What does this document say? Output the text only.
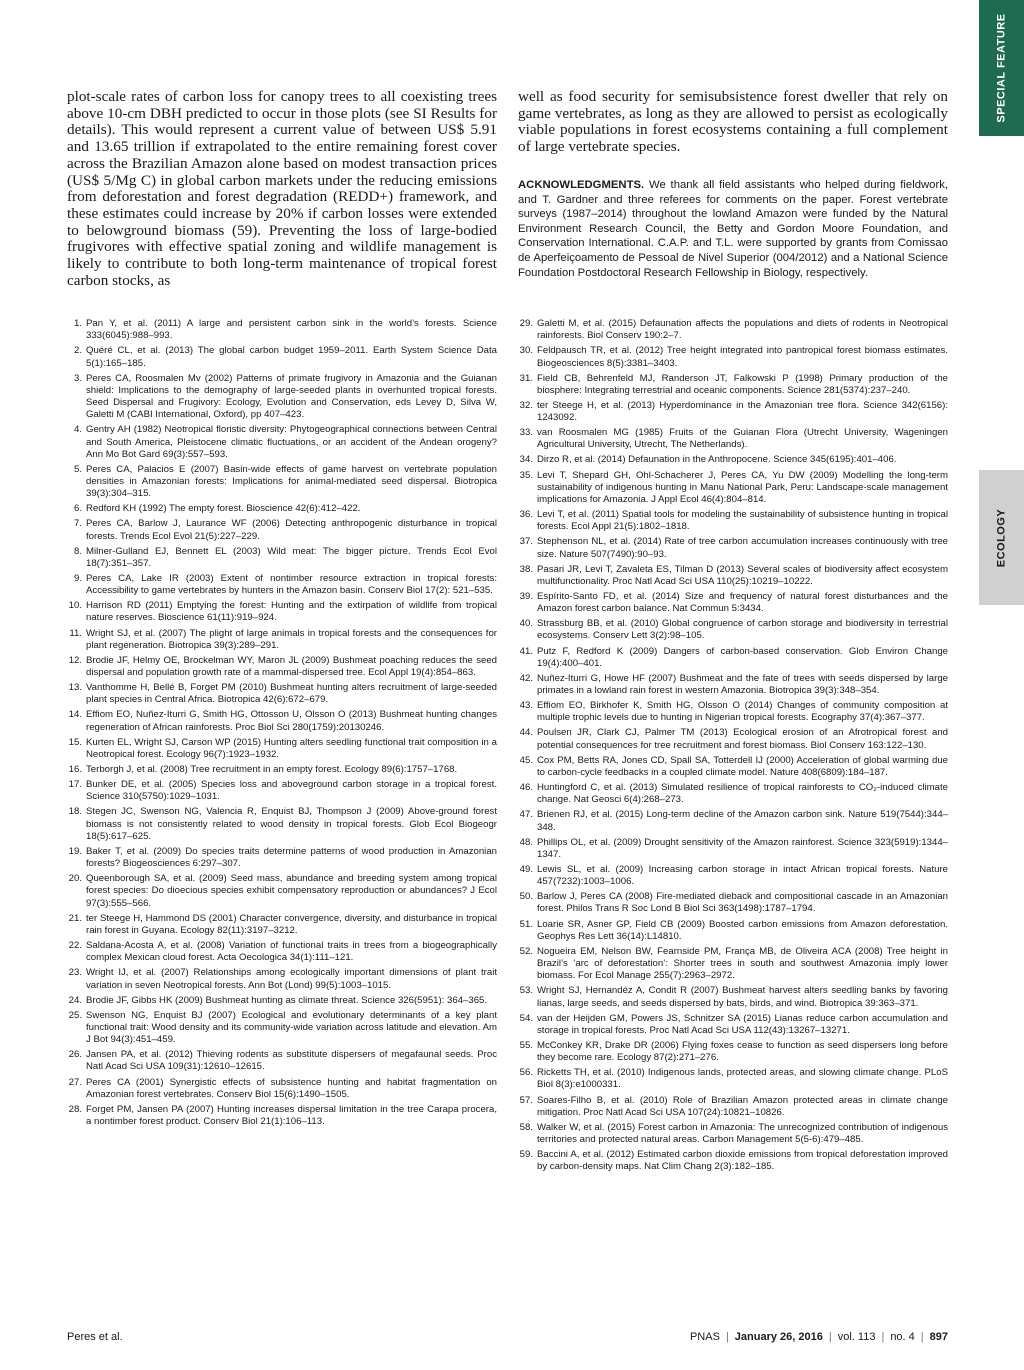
SPECIAL FEATURE
ECOLOGY

plot-scale rates of carbon loss for canopy trees to all coexisting trees above 10-cm DBH predicted to occur in those plots (see SI Results for details). This would represent a current value of between US$ 5.91 and 13.65 trillion if extrapolated to the entire remaining forest cover across the Brazilian Amazon alone based on modest transaction prices (US$ 5/Mg C) in global carbon markets under the reducing emissions from deforestation and forest degradation (REDD+) framework, and these estimates could increase by 20% if carbon losses were extended to belowground biomass (59). Preventing the loss of large-bodied frugivores with effective spatial zoning and wildlife management is likely to contribute to both long-term maintenance of tropical forest carbon stocks, as

well as food security for semisubsistence forest dweller that rely on game vertebrates, as long as they are allowed to persist as ecologically viable populations in forest ecosystems containing a full complement of large vertebrate species.

ACKNOWLEDGMENTS. We thank all field assistants who helped during fieldwork, and T. Gardner and three referees for comments on the paper. Forest vertebrate surveys (1987–2014) throughout the lowland Amazon were funded by the Natural Environment Research Council, the Betty and Gordon Moore Foundation, and Conservation International. C.A.P. and T.L. were supported by grants from Comissao de Aperfeiçoamento de Pessoal de Nivel Superior (004/2012) and a National Science Foundation Postdoctoral Research Fellowship in Biology, respectively.

1. Pan Y, et al. (2011) A large and persistent carbon sink in the world’s forests. Science 333(6045):988–993.
2. Quéré CL, et al. (2013) The global carbon budget 1959–2011. Earth System Science Data 5(1):165–185.
3. Peres CA, Roosmalen Mv (2002) Patterns of primate frugivory in Amazonia and the Guianan shield: Implications to the demography of large-seeded plants in overhunted tropical forests. Seed Dispersal and Frugivory: Ecology, Evolution and Conservation, eds Levey D, Silva W, Galetti M (CABI International, Oxford), pp 407–423.
4. Gentry AH (1982) Neotropical floristic diversity: Phytogeographical connections between Central and South America, Pleistocene climatic fluctuations, or an accident of the Andean orogeny? Ann Mo Bot Gard 69(3):557–593.
5. Peres CA, Palacios E (2007) Basin-wide effects of game harvest on vertebrate population densities in Amazonian forests: Implications for animal-mediated seed dispersal. Biotropica 39(3):304–315.
6. Redford KH (1992) The empty forest. Bioscience 42(6):412–422.
7. Peres CA, Barlow J, Laurance WF (2006) Detecting anthropogenic disturbance in tropical forests. Trends Ecol Evol 21(5):227–229.
8. Milner-Gulland EJ, Bennett EL (2003) Wild meat: The bigger picture. Trends Ecol Evol 18(7):351–357.
9. Peres CA, Lake IR (2003) Extent of nontimber resource extraction in tropical forests: Accessibility to game vertebrates by hunters in the Amazon basin. Conserv Biol 17(2): 521–535.
10. Harrison RD (2011) Emptying the forest: Hunting and the extirpation of wildlife from tropical nature reserves. Bioscience 61(11):919–924.
11. Wright SJ, et al. (2007) The plight of large animals in tropical forests and the consequences for plant regeneration. Biotropica 39(3):289–291.
12. Brodie JF, Helmy OE, Brockelman WY, Maron JL (2009) Bushmeat poaching reduces the seed dispersal and population growth rate of a mammal-dispersed tree. Ecol Appl 19(4):854–863.
13. Vanthomme H, Bellé B, Forget PM (2010) Bushmeat hunting alters recruitment of large-seeded plant species in Central Africa. Biotropica 42(6):672–679.
14. Effiom EO, Nuñez-Iturri G, Smith HG, Ottosson U, Olsson O (2013) Bushmeat hunting changes regeneration of African rainforests. Proc Biol Sci 280(1759):20130246.
15. Kurten EL, Wright SJ, Carson WP (2015) Hunting alters seedling functional trait composition in a Neotropical forest. Ecology 96(7):1923–1932.
16. Terborgh J, et al. (2008) Tree recruitment in an empty forest. Ecology 89(6):1757–1768.
17. Bunker DE, et al. (2005) Species loss and aboveground carbon storage in a tropical forest. Science 310(5750):1029–1031.
18. Stegen JC, Swenson NG, Valencia R, Enquist BJ, Thompson J (2009) Above-ground forest biomass is not consistently related to wood density in tropical forests. Glob Ecol Biogeogr 18(5):617–625.
19. Baker T, et al. (2009) Do species traits determine patterns of wood production in Amazonian forests? Biogeosciences 6:297–307.
20. Queenborough SA, et al. (2009) Seed mass, abundance and breeding system among tropical forest species: Do dioecious species exhibit compensatory reproduction or abundances? J Ecol 97(3):555–566.
21. ter Steege H, Hammond DS (2001) Character convergence, diversity, and disturbance in tropical rain forest in Guyana. Ecology 82(11):3197–3212.
22. Saldana-Acosta A, et al. (2008) Variation of functional traits in trees from a biogeographically complex Mexican cloud forest. Acta Oecologica 34(1):111–121.
23. Wright IJ, et al. (2007) Relationships among ecologically important dimensions of plant trait variation in seven Neotropical forests. Ann Bot (Lond) 99(5):1003–1015.
24. Brodie JF, Gibbs HK (2009) Bushmeat hunting as climate threat. Science 326(5951): 364–365.
25. Swenson NG, Enquist BJ (2007) Ecological and evolutionary determinants of a key plant functional trait: Wood density and its community-wide variation across latitude and elevation. Am J Bot 94(3):451–459.
26. Jansen PA, et al. (2012) Thieving rodents as substitute dispersers of megafaunal seeds. Proc Natl Acad Sci USA 109(31):12610–12615.
27. Peres CA (2001) Synergistic effects of subsistence hunting and habitat fragmentation on Amazonian forest vertebrates. Conserv Biol 15(6):1490–1505.
28. Forget PM, Jansen PA (2007) Hunting increases dispersal limitation in the tree Carapa procera, a nontimber forest product. Conserv Biol 21(1):106–113.
29. Galetti M, et al. (2015) Defaunation affects the populations and diets of rodents in Neotropical rainforests. Biol Conserv 190:2–7.
30. Feldpausch TR, et al. (2012) Tree height integrated into pantropical forest biomass estimates. Biogeosciences 8(5):3381–3403.
31. Field CB, Behrenfeld MJ, Randerson JT, Falkowski P (1998) Primary production of the biosphere: Integrating terrestrial and oceanic components. Science 281(5374):237–240.
32. ter Steege H, et al. (2013) Hyperdominance in the Amazonian tree flora. Science 342(6156): 1243092.
33. van Roosmalen MG (1985) Fruits of the Guianan Flora (Utrecht University, Wageningen Agricultural University, Utrecht, The Netherlands).
34. Dirzo R, et al. (2014) Defaunation in the Anthropocene. Science 345(6195):401–406.
35. Levi T, Shepard GH, Ohl-Schacherer J, Peres CA, Yu DW (2009) Modelling the long-term sustainability of indigenous hunting in Manu National Park, Peru: Landscape-scale management implications for Amazonia. J Appl Ecol 46(4):804–814.
36. Levi T, et al. (2011) Spatial tools for modeling the sustainability of subsistence hunting in tropical forests. Ecol Appl 21(5):1802–1818.
37. Stephenson NL, et al. (2014) Rate of tree carbon accumulation increases continuously with tree size. Nature 507(7490):90–93.
38. Pasari JR, Levi T, Zavaleta ES, Tilman D (2013) Several scales of biodiversity affect ecosystem multifunctionality. Proc Natl Acad Sci USA 110(25):10219–10222.
39. Espírito-Santo FD, et al. (2014) Size and frequency of natural forest disturbances and the Amazon forest carbon balance. Nat Commun 5:3434.
40. Strassburg BB, et al. (2010) Global congruence of carbon storage and biodiversity in terrestrial ecosystems. Conserv Lett 3(2):98–105.
41. Putz F, Redford K (2009) Dangers of carbon-based conservation. Glob Environ Change 19(4):400–401.
42. Nuñez-Iturri G, Howe HF (2007) Bushmeat and the fate of trees with seeds dispersed by large primates in a lowland rain forest in western Amazonia. Biotropica 39(3):348–354.
43. Effiom EO, Birkhofer K, Smith HG, Olsson O (2014) Changes of community composition at multiple trophic levels due to hunting in Nigerian tropical forests. Ecography 37(4):367–377.
44. Poulsen JR, Clark CJ, Palmer TM (2013) Ecological erosion of an Afrotropical forest and potential consequences for tree recruitment and forest biomass. Biol Conserv 163:122–130.
45. Cox PM, Betts RA, Jones CD, Spall SA, Totterdell IJ (2000) Acceleration of global warming due to carbon-cycle feedbacks in a coupled climate model. Nature 408(6809):184–187.
46. Huntingford C, et al. (2013) Simulated resilience of tropical rainforests to CO₂-induced climate change. Nat Geosci 6(4):268–273.
47. Brienen RJ, et al. (2015) Long-term decline of the Amazon carbon sink. Nature 519(7544):344–348.
48. Phillips OL, et al. (2009) Drought sensitivity of the Amazon rainforest. Science 323(5919):1344–1347.
49. Lewis SL, et al. (2009) Increasing carbon storage in intact African tropical forests. Nature 457(7232):1003–1006.
50. Barlow J, Peres CA (2008) Fire-mediated dieback and compositional cascade in an Amazonian forest. Philos Trans R Soc Lond B Biol Sci 363(1498):1787–1794.
51. Loarie SR, Asner GP, Field CB (2009) Boosted carbon emissions from Amazon deforestation. Geophys Res Lett 36(14):L14810.
52. Nogueira EM, Nelson BW, Fearnside PM, França MB, de Oliveira ACA (2008) Tree height in Brazil’s ‘arc of deforestation’: Shorter trees in south and southwest Amazonia imply lower biomass. For Ecol Manage 255(7):2963–2972.
53. Wright SJ, Hernandéz A, Condit R (2007) Bushmeat harvest alters seedling banks by favoring lianas, large seeds, and seeds dispersed by bats, birds, and wind. Biotropica 39:363–371.
54. van der Heijden GM, Powers JS, Schnitzer SA (2015) Lianas reduce carbon accumulation and storage in tropical forests. Proc Natl Acad Sci USA 112(43):13267–13271.
55. McConkey KR, Drake DR (2006) Flying foxes cease to function as seed dispersers long before they become rare. Ecology 87(2):271–276.
56. Ricketts TH, et al. (2010) Indigenous lands, protected areas, and slowing climate change. PLoS Biol 8(3):e1000331.
57. Soares-Filho B, et al. (2010) Role of Brazilian Amazon protected areas in climate change mitigation. Proc Natl Acad Sci USA 107(24):10821–10826.
58. Walker W, et al. (2015) Forest carbon in Amazonia: The unrecognized contribution of indigenous territories and protected natural areas. Carbon Management 5(5-6):479–485.
59. Baccini A, et al. (2012) Estimated carbon dioxide emissions from tropical deforestation improved by carbon-density maps. Nat Clim Chang 2(3):182–185.
Peres et al.	PNAS | January 26, 2016 | vol. 113 | no. 4 | 897
